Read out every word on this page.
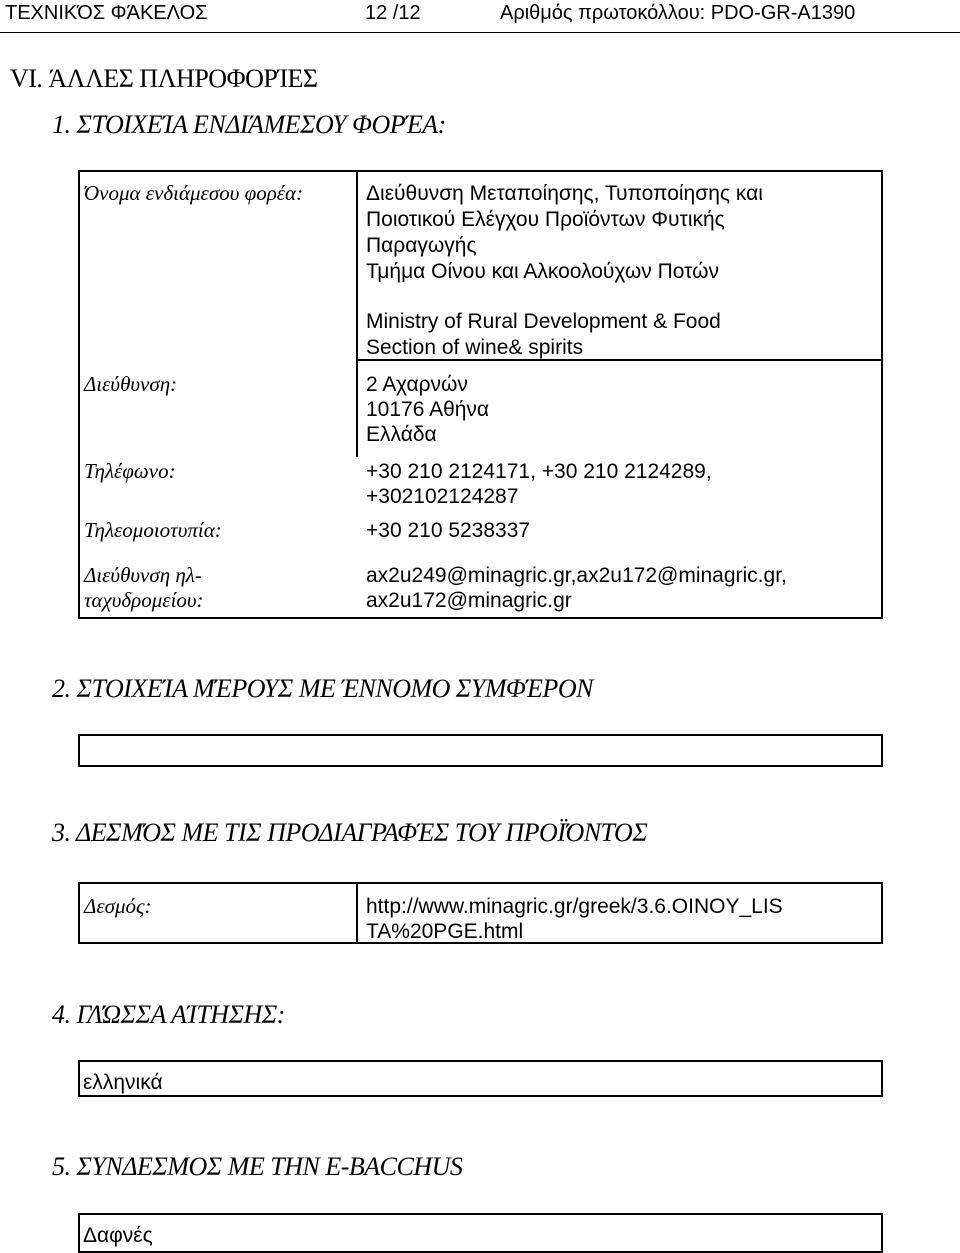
ΤΕΧΝΙΚΌΣ ΦΆΚΕΛΟΣ	12 /12	Αριθμός πρωτοκόλλου: PDO-GR-A1390
VI. ΆΛΛΕΣ ΠΛΗΡΟΦΟΡΊΕΣ
1. ΣΤΟΙΧΕΊΑ ΕΝΔΙΆΜΕΣΟΥ ΦΟΡΈΑ:
Όνομα ενδιάμεσου φορέα:	Διεύθυνση Μεταποίησης, Τυποποίησης και
Ποιοτικού Ελέγχου Προϊόντων Φυτικής
Παραγωγής
Τμήμα Οίνου και Αλκοολούχων Ποτών
Ministry of Rural Development & Food
Section of wine& spirits
Διεύθυνση:	2 Αχαρνών
10176 Αθήνα
Ελλάδα
Τηλέφωνο:	+30 210 2124171, +30 210 2124289,
+302102124287
Τηλεομοιοτυπία:	+30 210 5238337
Διεύθυνση ηλ-
ταχυδρομείου:
ax2u249@minagric.gr,ax2u172@minagric.gr,
ax2u172@minagric.gr
2. ΣΤΟΙΧΕΊΑ ΜΈΡΟΥΣ ΜΕ ΈΝΝΟΜΟ ΣΥΜΦΈΡΟΝ
3. ΔΕΣΜΌΣ ΜΕ ΤΙΣ ΠΡΟΔΙΑΓΡΑΦΈΣ ΤΟΥ ΠΡΟΪΌΝΤΟΣ
Δεσμός:	http://www.minagric.gr/greek/3.6.OINOY_LIS
TA%20PGE.html
4. ΓΛΏΣΣΑ ΑΊΤΗΣΗΣ:
ελληνικά
5. ΣΥΝΔΕΣΜΟΣ ΜΕ ΤΗΝ E-BACCHUS
Δαφνές
